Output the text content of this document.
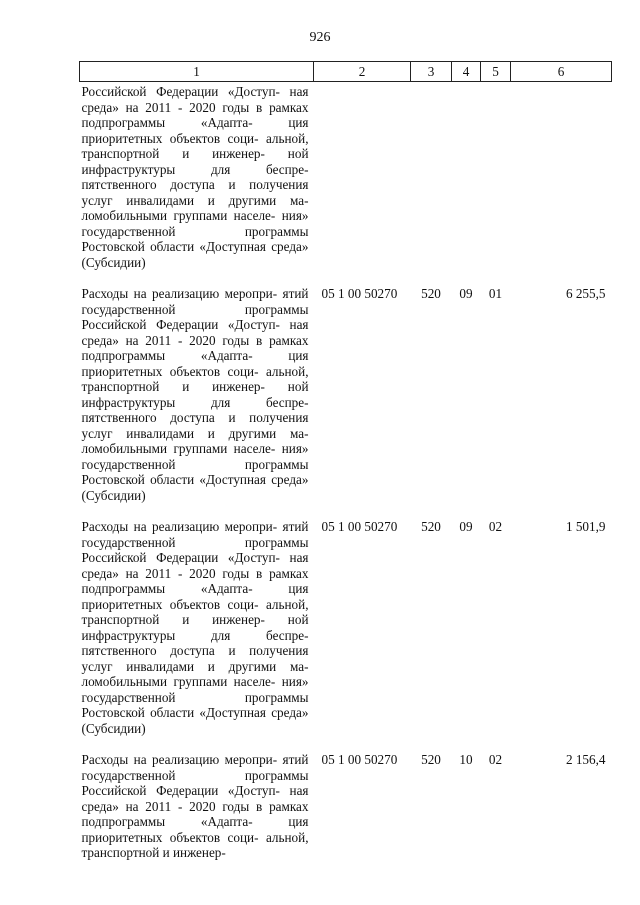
926
1	2	3	4	5	6
Российской Федерации «Доступ- ная среда» на 2011 - 2020 годы в рамках подпрограммы «Адапта- ция приоритетных объектов соци- альной, транспортной и инженер- ной инфраструктуры для беспре- пятственного доступа и получения услуг инвалидами и другими ма- ломобильными группами населе- ния» государственной программы Ростовской области «Доступная среда» (Субсидии)					
Расходы на реализацию меропри- ятий государственной программы Российской Федерации «Доступ- ная среда» на 2011 - 2020 годы в рамках подпрограммы «Адапта- ция приоритетных объектов соци- альной, транспортной и инженер- ной инфраструктуры для беспре- пятственного доступа и получения услуг инвалидами и другими ма- ломобильными группами населе- ния» государственной программы Ростовской области «Доступная среда» (Субсидии)	05 1 00 50270	520	09	01	6 255,5
Расходы на реализацию меропри- ятий государственной программы Российской Федерации «Доступ- ная среда» на 2011 - 2020 годы в рамках подпрограммы «Адапта- ция приоритетных объектов соци- альной, транспортной и инженер- ной инфраструктуры для беспре- пятственного доступа и получения услуг инвалидами и другими ма- ломобильными группами населе- ния» государственной программы Ростовской области «Доступная среда» (Субсидии)	05 1 00 50270	520	09	02	1 501,9
Расходы на реализацию меропри- ятий государственной программы Российской Федерации «Доступ- ная среда» на 2011 - 2020 годы в рамках подпрограммы «Адапта- ция приоритетных объектов соци- альной, транспортной и инженер-	05 1 00 50270	520	10	02	2 156,4
